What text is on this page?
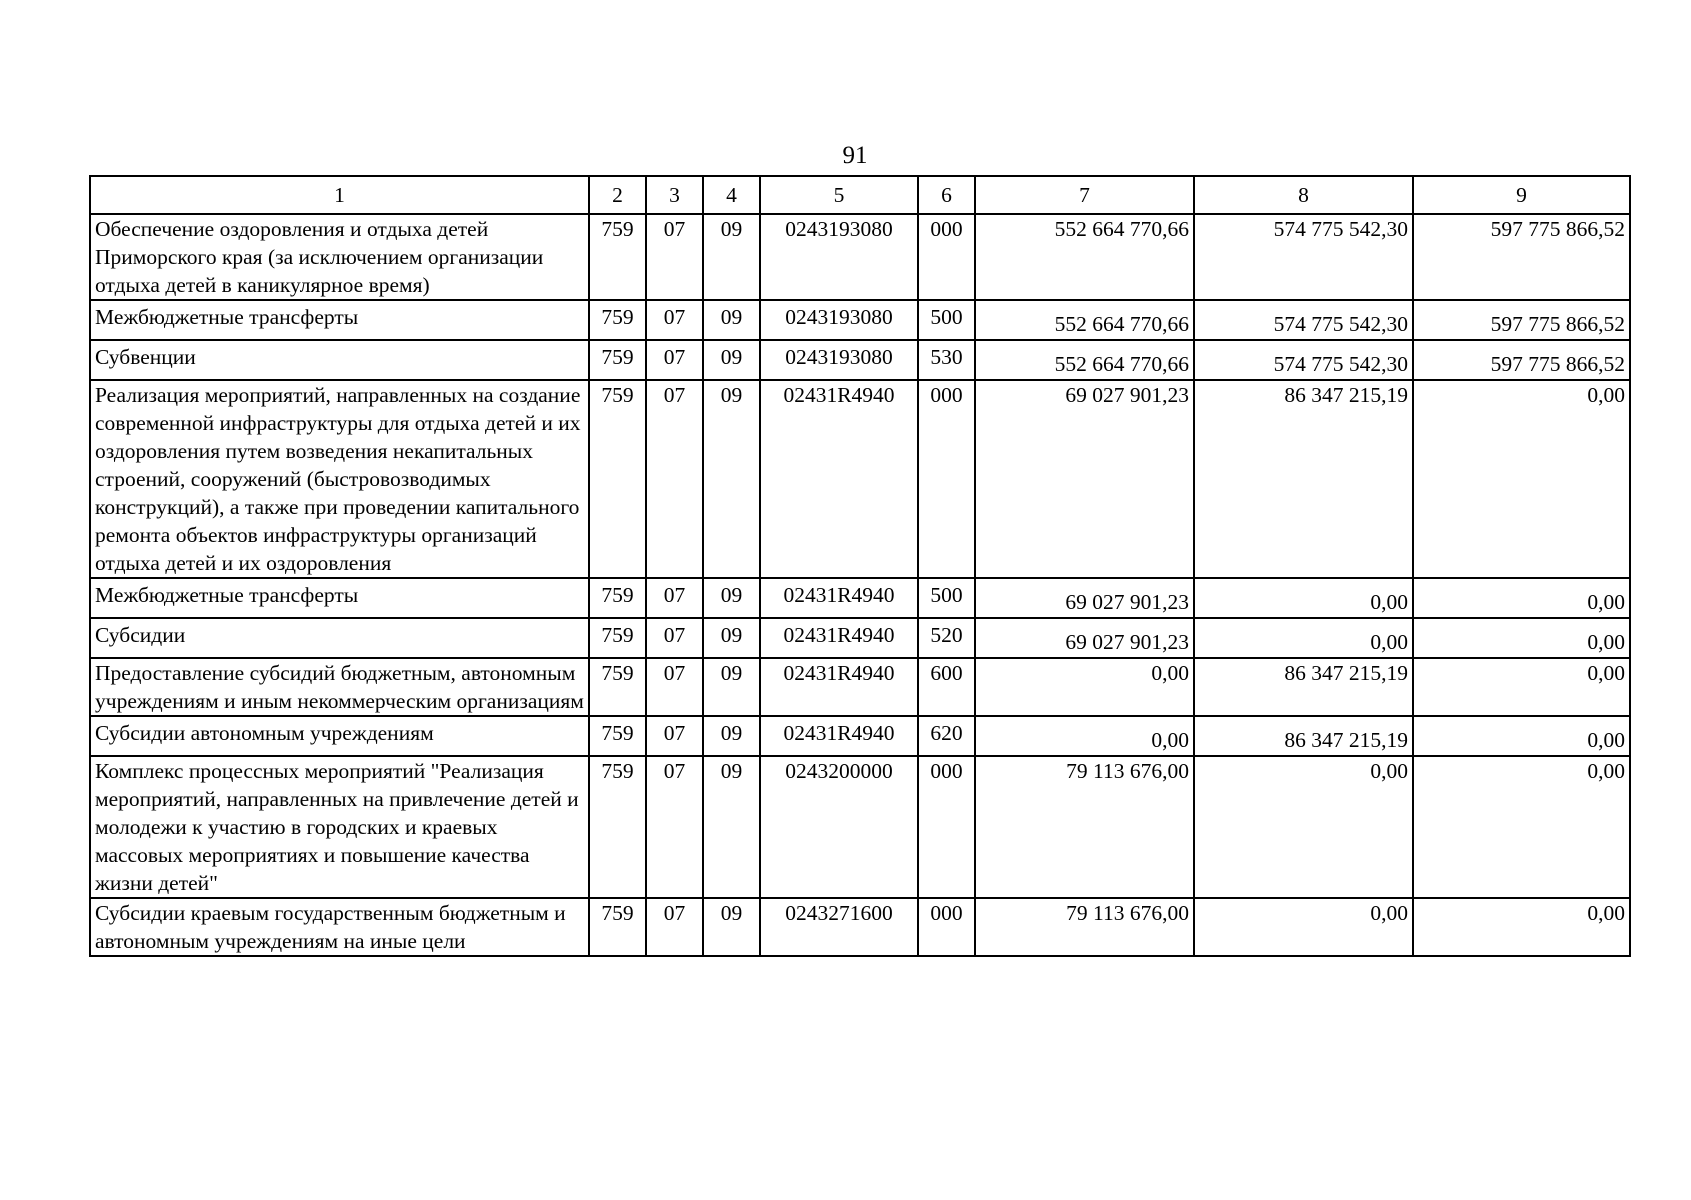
91
1	2	3	4	5	6	7	8	9
Обеспечение оздоровления и отдыха детей Приморского края (за исключением организации отдыха детей в каникулярное время)	759	07	09	0243193080	000	552 664 770,66	574 775 542,30	597 775 866,52
Межбюджетные трансферты	759	07	09	0243193080	500	552 664 770,66	574 775 542,30	597 775 866,52
Субвенции	759	07	09	0243193080	530	552 664 770,66	574 775 542,30	597 775 866,52
Реализация мероприятий, направленных на создание современной инфраструктуры для отдыха детей и их оздоровления путем возведения некапитальных строений, сооружений (быстровозводимых конструкций), а также при проведении капитального ремонта объектов инфраструктуры организаций отдыха детей и их оздоровления	759	07	09	02431R4940	000	69 027 901,23	86 347 215,19	0,00
Межбюджетные трансферты	759	07	09	02431R4940	500	69 027 901,23	0,00	0,00
Субсидии	759	07	09	02431R4940	520	69 027 901,23	0,00	0,00
Предоставление субсидий бюджетным, автономным учреждениям и иным некоммерческим организациям	759	07	09	02431R4940	600	0,00	86 347 215,19	0,00
Субсидии автономным учреждениям	759	07	09	02431R4940	620	0,00	86 347 215,19	0,00
Комплекс процессных мероприятий "Реализация мероприятий, направленных на привлечение детей и молодежи к участию в городских и краевых массовых мероприятиях и повышение качества жизни детей"	759	07	09	0243200000	000	79 113 676,00	0,00	0,00
Субсидии краевым государственным бюджетным и автономным учреждениям на иные цели	759	07	09	0243271600	000	79 113 676,00	0,00	0,00
